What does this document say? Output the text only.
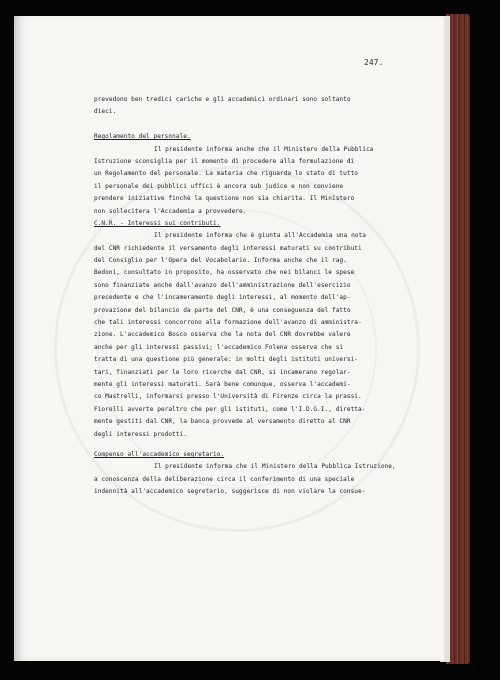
247.
prevedono ben tredici cariche e gli accademici ordinari sono soltanto
dieci.
Regolamento del personale.
Il presidente informa anche che il Ministero della Pubblica
Istruzione sconsiglia per il momento di procedere alla formulazione di
un Regolamento del personale. La materia che riguarda lo stato di tutto
il personale dei pubblici uffici è ancora sub judice e non conviene
prendere iniziative finchè la questione non sia chiarita. Il Ministero
non sollecitera l'Accademia a provvedere.
C.N.R. - Interessi sui contributi.
Il presidente informa che è giunta all'Accademia una nota
del CNR richiedente il versamento degli interessi maturati su contributi
del Consiglio per l'Opera del Vocabolario. Informa anche che il rag.
Bedoni, consultato in proposito, ha osservato che nei bilanci le spese
sono finanziate anche dall'avanzo dell'amministrazione dell'esercizio
precedente e che l'incameramento degli interessi, al momento dell'ap-
provazione del bilancio da parte del CNR, è una conseguenza del fatto
che tali interessi concorrono alla formazione dell'avanzo di amministra-
zione. L'accademico Bosco osserva che la nota del CNR dovrebbe valere
anche per gli interessi passivi; l'accademico Folena osserva che si
tratta di una questione più generale: in molti degli istituti universi-
tari, finanziati per le loro ricerche dal CNR, si incamerano regolar-
mente gli interessi maturati. Sarà bene comunque, osserva l'accademi-
co Mastrelli, informarsi presso l'Università di Firenze circa la prassi.
Fiorelli avverte peraltro che per gli istituti, come l'I.D.G.I., diretta-
mente gestiti dal CNR, la banca provvede al versamento diretto al CNR
degli interessi prodotti.
Compenso all'accademico segretario.
Il presidente informa che il Ministero della Pubblica Istruzione,
a conoscenza della deliberazione circa il conferimento di una speciale
indennità all'accademico segretario, suggerisce di non violare la consue-
